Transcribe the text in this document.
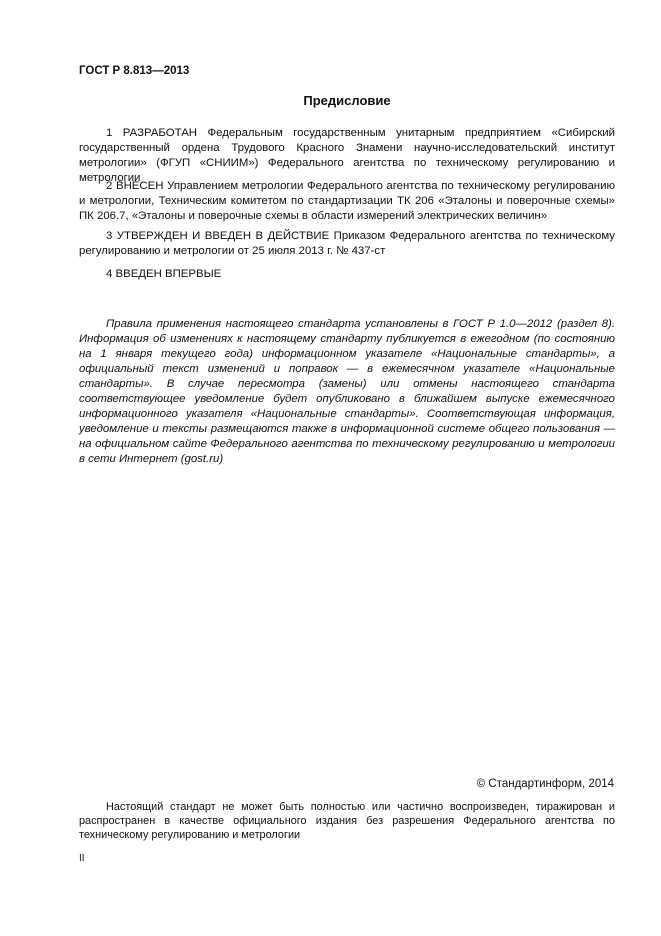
ГОСТ Р 8.813—2013
Предисловие

1 РАЗРАБОТАН Федеральным государственным унитарным предприятием «Сибирский государственный ордена Трудового Красного Знамени научно-исследовательский институт метрологии» (ФГУП «СНИИМ») Федерального агентства по техническому регулированию и метрологии

2 ВНЕСЕН Управлением метрологии Федерального агентства по техническому регулированию и метрологии, Техническим комитетом по стандартизации ТК 206 «Эталоны и поверочные схемы» ПК 206.7, «Эталоны и поверочные схемы в области измерений электрических величин»

3 УТВЕРЖДЕН И ВВЕДЕН В ДЕЙСТВИЕ Приказом Федерального агентства по техническому регулированию и метрологии от 25 июля 2013 г. № 437-ст

4 ВВЕДЕН ВПЕРВЫЕ

Правила применения настоящего стандарта установлены в ГОСТ Р 1.0—2012 (раздел 8). Информация об изменениях к настоящему стандарту публикуется в ежегодном (по состоянию на 1 января текущего года) информационном указателе «Национальные стандарты», а официальный текст изменений и поправок — в ежемесячном указателе «Национальные стандарты». В случае пересмотра (замены) или отмены настоящего стандарта соответствующее уведомление будет опубликовано в ближайшем выпуске ежемесячного информационного указателя «Национальные стандарты». Соответствующая информация, уведомление и тексты размещаются также в информационной системе общего пользования — на официальном сайте Федерального агентства по техническому регулированию и метрологии в сети Интернет (gost.ru)

© Стандартинформ, 2014

Настоящий стандарт не может быть полностью или частично воспроизведен, тиражирован и распространен в качестве официального издания без разрешения Федерального агентства по техническому регулированию и метрологии

II
